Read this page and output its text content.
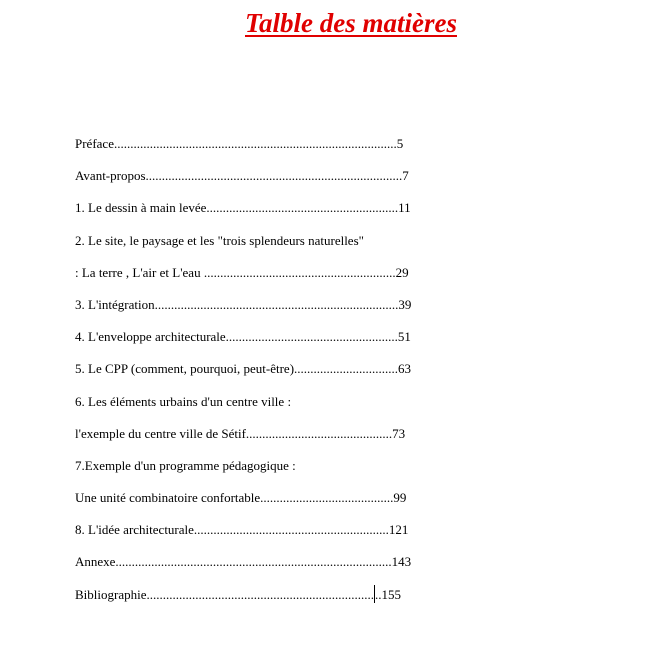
Talble des matières
Préface.......................................................................................5
Avant-propos...............................................................................7
1. Le dessin à main levée...........................................................11
2. Le site, le paysage et les "trois splendeurs naturelles"
: La terre , L'air et L'eau ...........................................................29
3. L'intégration...........................................................................39
4. L'enveloppe architecturale.....................................................51
5. Le CPP (comment, pourquoi, peut-être)................................63
6. Les éléments urbains d'un centre ville :
l'exemple du centre ville de Sétif.............................................73
7.Exemple d'un programme pédagogique :
Une unité combinatoire confortable.........................................99
8. L'idée architecturale............................................................121
Annexe.....................................................................................143
Bibliographie........................................................................155
